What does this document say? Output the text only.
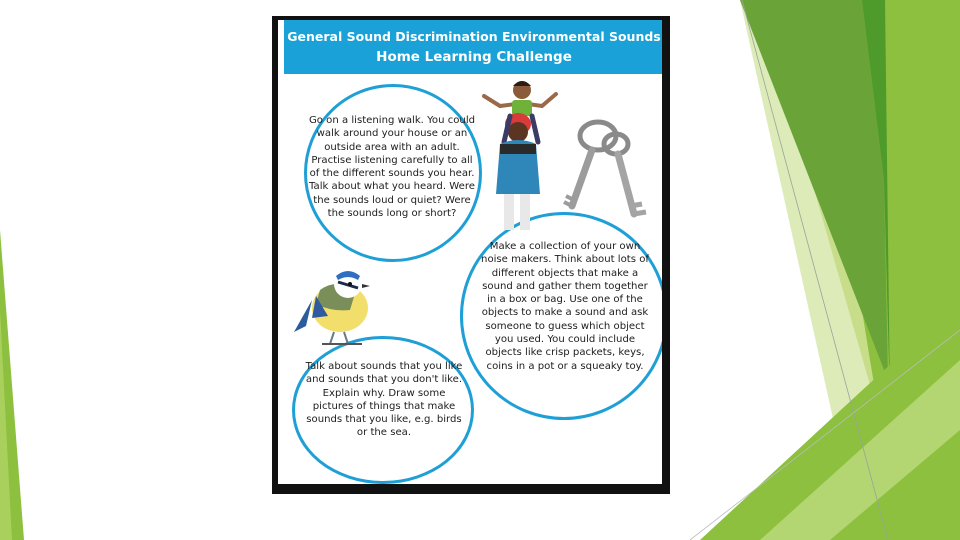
General Sound Discrimination Environmental Sounds
Home Learning Challenge

Go on a listening walk. You could walk around your house or an outside area with an adult. Practise listening carefully to all of the different sounds you hear. Talk about what you heard. Were the sounds loud or quiet? Were the sounds long or short?

Make a collection of your own noise makers. Think about lots of different objects that make a sound and gather them together in a box or bag. Use one of the objects to make a sound and ask someone to guess which object you used. You could include objects like crisp packets, keys, coins in a pot or a squeaky toy.

Talk about sounds that you like and sounds that you don't like. Explain why. Draw some pictures of things that make sounds that you like, e.g. birds or the sea.
